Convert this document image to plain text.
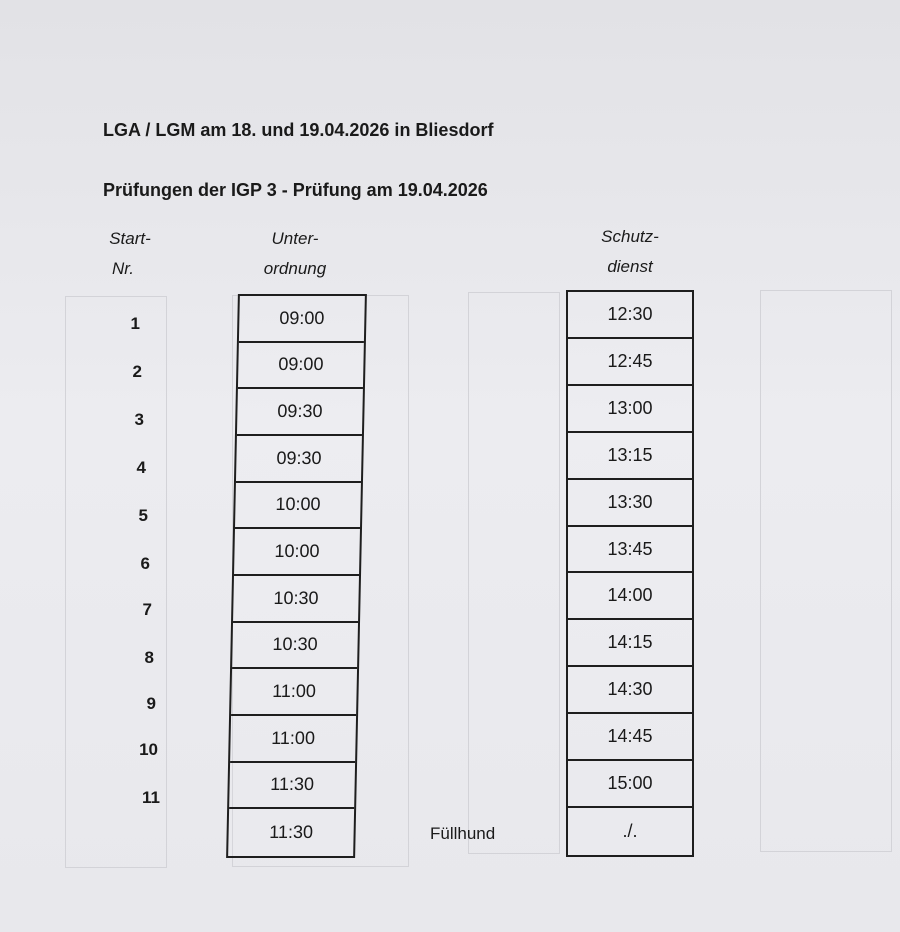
LGA / LGM am 18. und 19.04.2026 in Bliesdorf
Prüfungen der IGP 3 - Prüfung am 19.04.2026
Start-
Nr.
Unter-
ordnung
Schutz-
dienst
1
2
3
4
5
6
7
8
9
10
11
09:00
09:00
09:30
09:30
10:00
10:00
10:30
10:30
11:00
11:00
11:30
11:30
12:30
12:45
13:00
13:15
13:30
13:45
14:00
14:15
14:30
14:45
15:00
./.
Füllhund
